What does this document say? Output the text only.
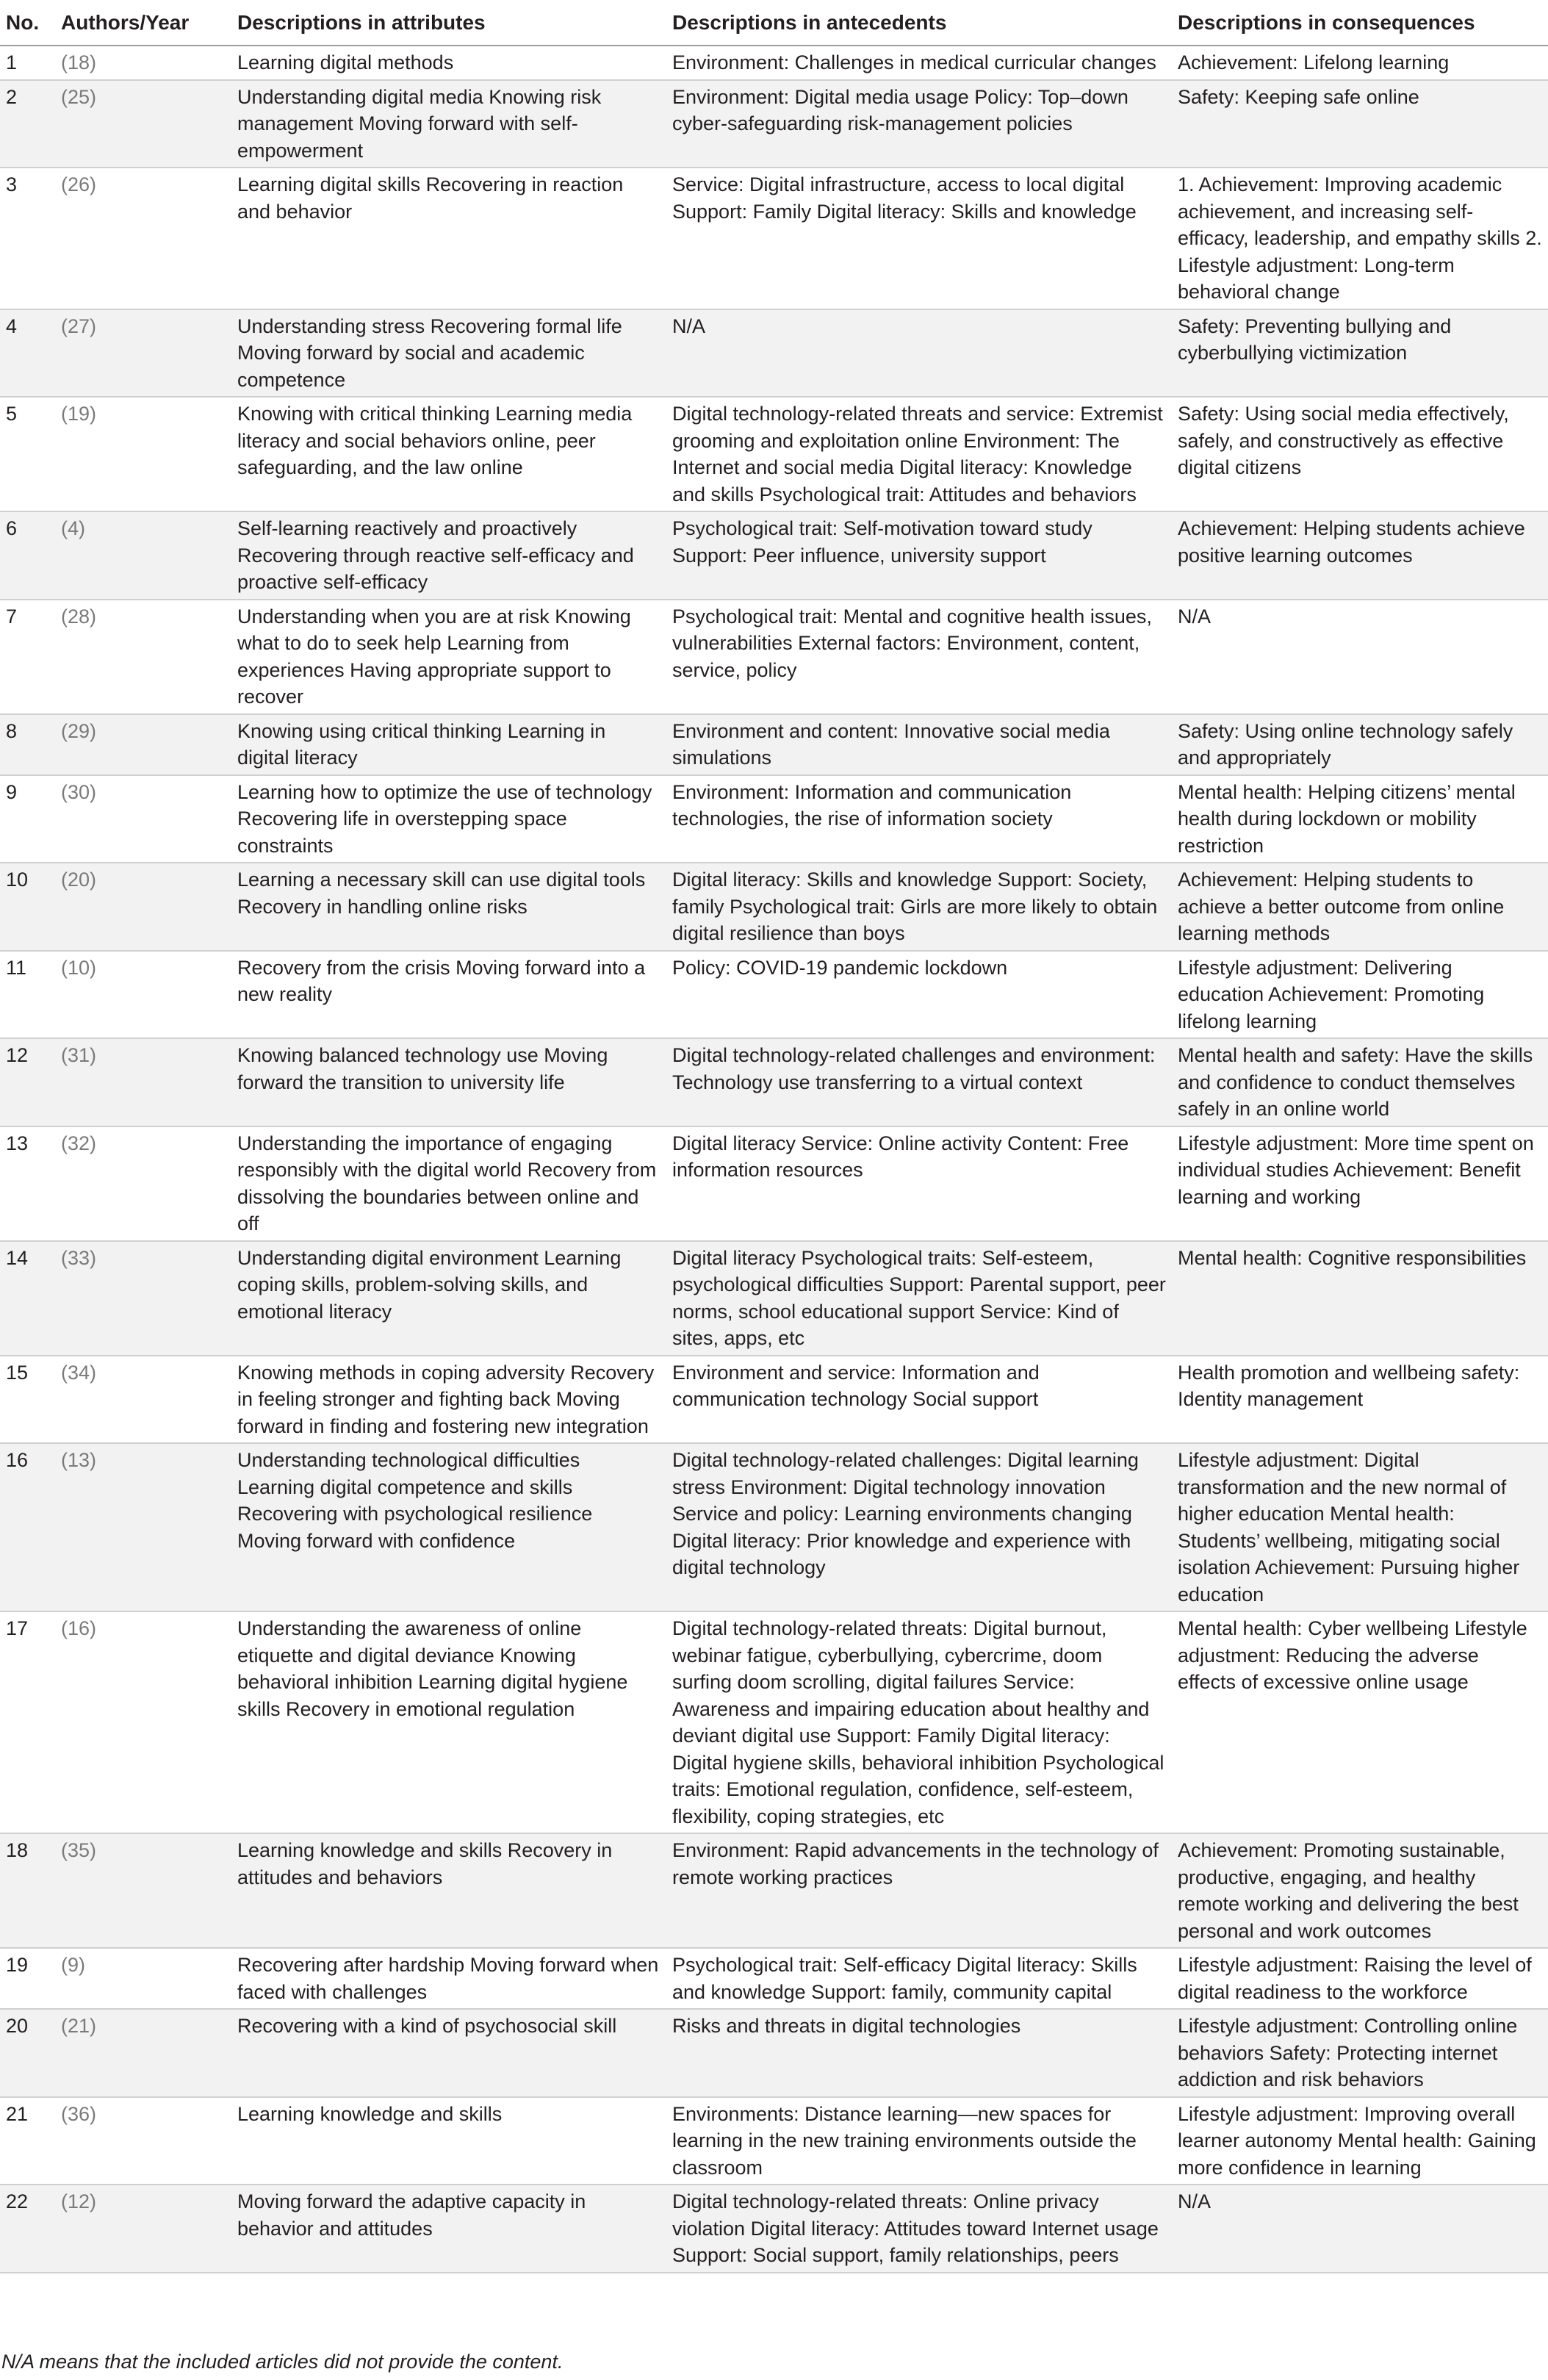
No.	Authors/Year	Descriptions in attributes	Descriptions in antecedents	Descriptions in consequences
1	(18)	Learning digital methods	Environment: Challenges in medical curricular changes	Achievement: Lifelong learning
2	(25)	Understanding digital media Knowing risk management Moving forward with self-empowerment	Environment: Digital media usage Policy: Top–down cyber-safeguarding risk-management policies	Safety: Keeping safe online
3	(26)	Learning digital skills Recovering in reaction and behavior	Service: Digital infrastructure, access to local digital Support: Family Digital literacy: Skills and knowledge	1. Achievement: Improving academic achievement, and increasing self-efficacy, leadership, and empathy skills 2. Lifestyle adjustment: Long-term behavioral change
4	(27)	Understanding stress Recovering formal life Moving forward by social and academic competence	N/A	Safety: Preventing bullying and cyberbullying victimization
5	(19)	Knowing with critical thinking Learning media literacy and social behaviors online, peer safeguarding, and the law online	Digital technology-related threats and service: Extremist grooming and exploitation online Environment: The Internet and social media Digital literacy: Knowledge and skills Psychological trait: Attitudes and behaviors	Safety: Using social media effectively, safely, and constructively as effective digital citizens
6	(4)	Self-learning reactively and proactively Recovering through reactive self-efficacy and proactive self-efficacy	Psychological trait: Self-motivation toward study Support: Peer influence, university support	Achievement: Helping students achieve positive learning outcomes
7	(28)	Understanding when you are at risk Knowing what to do to seek help Learning from experiences Having appropriate support to recover	Psychological trait: Mental and cognitive health issues, vulnerabilities External factors: Environment, content, service, policy	N/A
8	(29)	Knowing using critical thinking Learning in digital literacy	Environment and content: Innovative social media simulations	Safety: Using online technology safely and appropriately
9	(30)	Learning how to optimize the use of technology Recovering life in overstepping space constraints	Environment: Information and communication technologies, the rise of information society	Mental health: Helping citizens’ mental health during lockdown or mobility restriction
10	(20)	Learning a necessary skill can use digital tools Recovery in handling online risks	Digital literacy: Skills and knowledge Support: Society, family Psychological trait: Girls are more likely to obtain digital resilience than boys	Achievement: Helping students to achieve a better outcome from online learning methods
11	(10)	Recovery from the crisis Moving forward into a new reality	Policy: COVID-19 pandemic lockdown	Lifestyle adjustment: Delivering education Achievement: Promoting lifelong learning
12	(31)	Knowing balanced technology use Moving forward the transition to university life	Digital technology-related challenges and environment: Technology use transferring to a virtual context	Mental health and safety: Have the skills and confidence to conduct themselves safely in an online world
13	(32)	Understanding the importance of engaging responsibly with the digital world Recovery from dissolving the boundaries between online and off	Digital literacy Service: Online activity Content: Free information resources	Lifestyle adjustment: More time spent on individual studies Achievement: Benefit learning and working
14	(33)	Understanding digital environment Learning coping skills, problem-solving skills, and emotional literacy	Digital literacy Psychological traits: Self-esteem, psychological difficulties Support: Parental support, peer norms, school educational support Service: Kind of sites, apps, etc	Mental health: Cognitive responsibilities
15	(34)	Knowing methods in coping adversity Recovery in feeling stronger and fighting back Moving forward in finding and fostering new integration	Environment and service: Information and communication technology Social support	Health promotion and wellbeing safety: Identity management
16	(13)	Understanding technological difficulties Learning digital competence and skills Recovering with psychological resilience Moving forward with confidence	Digital technology-related challenges: Digital learning stress Environment: Digital technology innovation Service and policy: Learning environments changing Digital literacy: Prior knowledge and experience with digital technology	Lifestyle adjustment: Digital transformation and the new normal of higher education Mental health: Students’ wellbeing, mitigating social isolation Achievement: Pursuing higher education
17	(16)	Understanding the awareness of online etiquette and digital deviance Knowing behavioral inhibition Learning digital hygiene skills Recovery in emotional regulation	Digital technology-related threats: Digital burnout, webinar fatigue, cyberbullying, cybercrime, doom surfing doom scrolling, digital failures Service: Awareness and impairing education about healthy and deviant digital use Support: Family Digital literacy: Digital hygiene skills, behavioral inhibition Psychological traits: Emotional regulation, confidence, self-esteem, flexibility, coping strategies, etc	Mental health: Cyber wellbeing Lifestyle adjustment: Reducing the adverse effects of excessive online usage
18	(35)	Learning knowledge and skills Recovery in attitudes and behaviors	Environment: Rapid advancements in the technology of remote working practices	Achievement: Promoting sustainable, productive, engaging, and healthy remote working and delivering the best personal and work outcomes
19	(9)	Recovering after hardship Moving forward when faced with challenges	Psychological trait: Self-efficacy Digital literacy: Skills and knowledge Support: family, community capital	Lifestyle adjustment: Raising the level of digital readiness to the workforce
20	(21)	Recovering with a kind of psychosocial skill	Risks and threats in digital technologies	Lifestyle adjustment: Controlling online behaviors Safety: Protecting internet addiction and risk behaviors
21	(36)	Learning knowledge and skills	Environments: Distance learning—new spaces for learning in the new training environments outside the classroom	Lifestyle adjustment: Improving overall learner autonomy Mental health: Gaining more confidence in learning
22	(12)	Moving forward the adaptive capacity in behavior and attitudes	Digital technology-related threats: Online privacy violation Digital literacy: Attitudes toward Internet usage Support: Social support, family relationships, peers	N/A
N/A means that the included articles did not provide the content.
